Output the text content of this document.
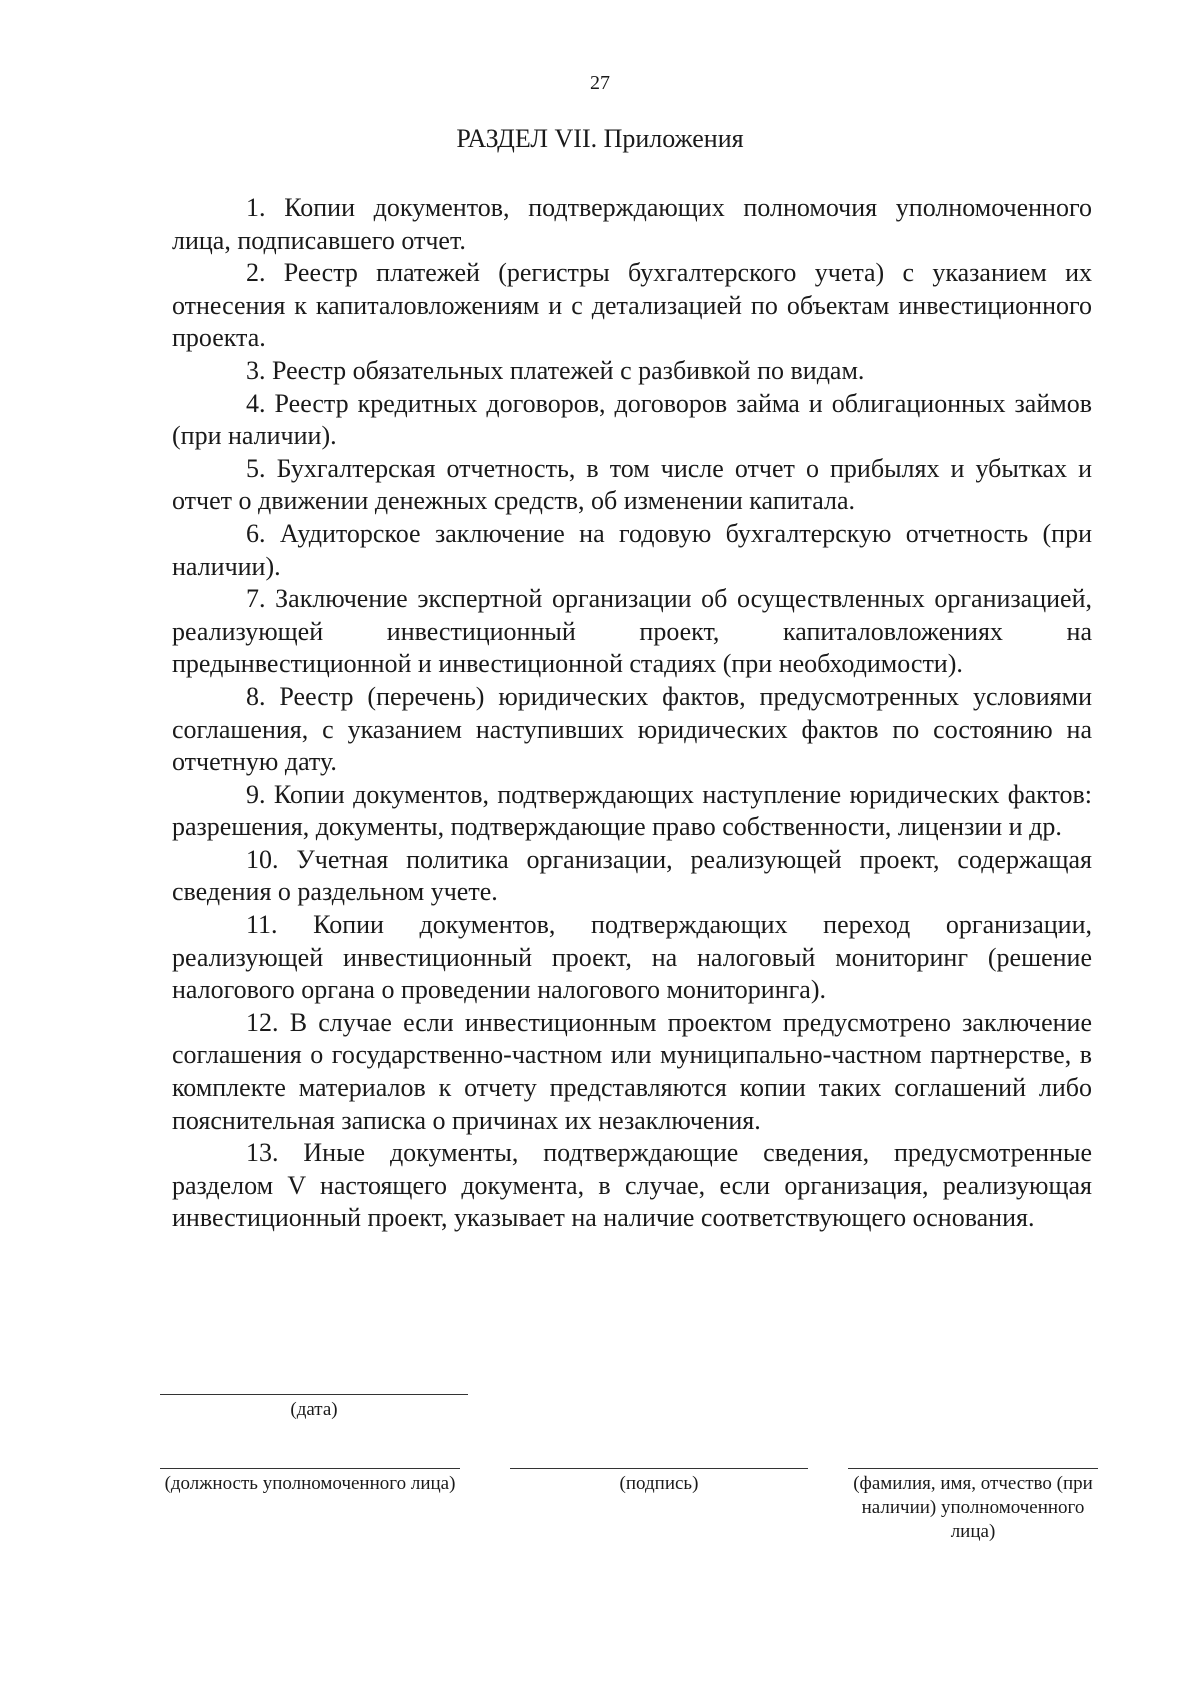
27
РАЗДЕЛ VII. Приложения

1. Копии документов, подтверждающих полномочия уполномоченного лица, подписавшего отчет.

2. Реестр платежей (регистры бухгалтерского учета) с указанием их отнесения к капиталовложениям и с детализацией по объектам инвестиционного проекта.

3. Реестр обязательных платежей с разбивкой по видам.

4. Реестр кредитных договоров, договоров займа и облигационных займов (при наличии).

5. Бухгалтерская отчетность, в том числе отчет о прибылях и убытках и отчет о движении денежных средств, об изменении капитала.

6. Аудиторское заключение на годовую бухгалтерскую отчетность (при наличии).

7. Заключение экспертной организации об осуществленных организацией, реализующей инвестиционный проект, капиталовложениях на предынвестиционной и инвестиционной стадиях (при необходимости).

8. Реестр (перечень) юридических фактов, предусмотренных условиями соглашения, с указанием наступивших юридических фактов по состоянию на отчетную дату.

9. Копии документов, подтверждающих наступление юридических фактов: разрешения, документы, подтверждающие право собственности, лицензии и др.

10. Учетная политика организации, реализующей проект, содержащая сведения о раздельном учете.

11. Копии документов, подтверждающих переход организации, реализующей инвестиционный проект, на налоговый мониторинг (решение налогового органа о проведении налогового мониторинга).

12. В случае если инвестиционным проектом предусмотрено заключение соглашения о государственно-частном или муниципально-частном партнерстве, в комплекте материалов к отчету представляются копии таких соглашений либо пояснительная записка о причинах их незаключения.

13. Иные документы, подтверждающие сведения, предусмотренные разделом V настоящего документа, в случае, если организация, реализующая инвестиционный проект, указывает на наличие соответствующего основания.

(дата)
(должность уполномоченного лица)	(подпись)	(фамилия, имя, отчество (при наличии) уполномоченного лица)
